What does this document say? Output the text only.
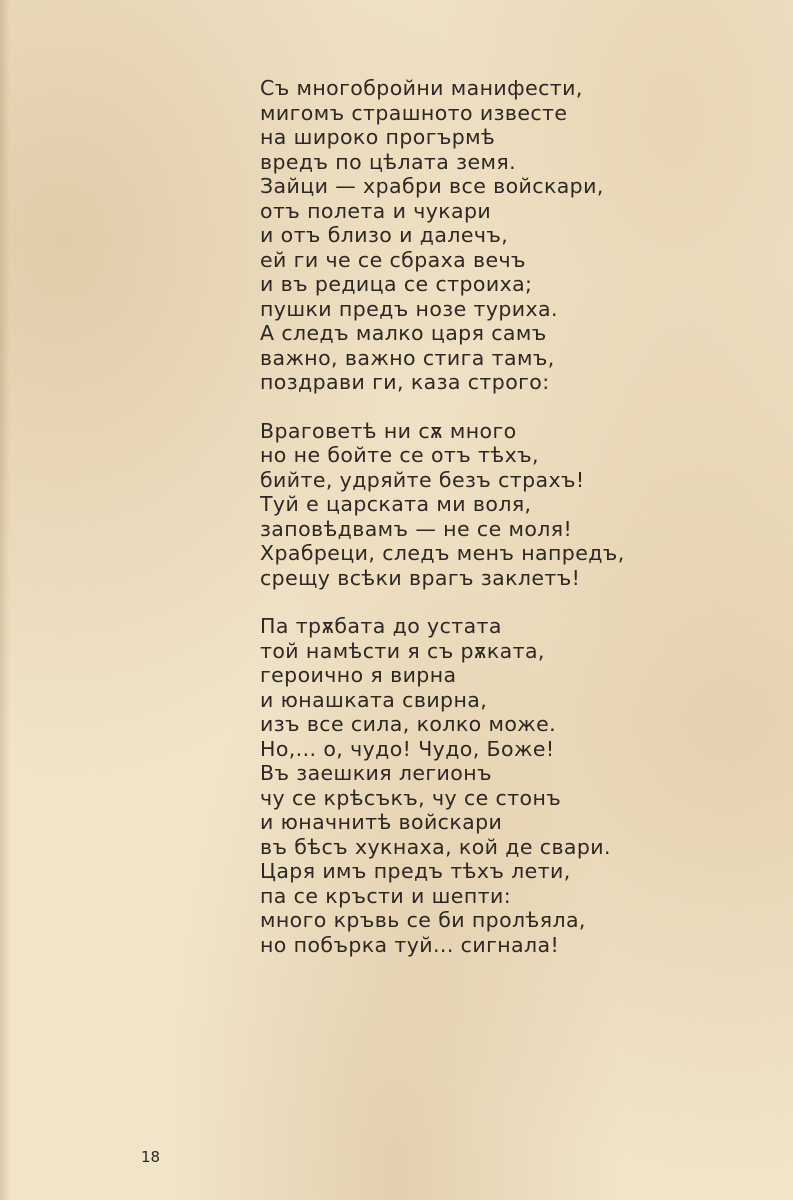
Съ многобройни манифести,
мигомъ страшното известе
на широко прогърмѣ
вредъ по цѣлата земя.
Зайци — храбри все войскари,
отъ полета и чукари
и отъ близо и далечъ,
ей ги че се сбраха вечъ
и въ редица се строиха;
пушки предъ нозе туриха.
А следъ малко царя самъ
важно, важно стига тамъ,
поздрави ги, каза строго:
Враговетѣ ни сѫ много
но не бойте се отъ тѣхъ,
бийте, удряйте безъ страхъ!
Туй е царската ми воля,
заповѣдвамъ — не се моля!
Храбреци, следъ менъ напредъ,
срещу всѣки врагъ заклетъ!
Па трѫбата до устата
той намѣсти я съ рѫката,
героично я вирна
и юнашката свирна,
изъ все сила, колко може.
Но,... о, чудо! Чудо, Боже!
Въ заешкия легионъ
чу се крѣсъкъ, чу се стонъ
и юначнитѣ войскари
въ бѣсъ хукнаха, кой де свари.
Царя имъ предъ тѣхъ лети,
па се кръсти и шепти:
много кръвь се би пролѣяла,
но побърка туй... сигнала!
18
